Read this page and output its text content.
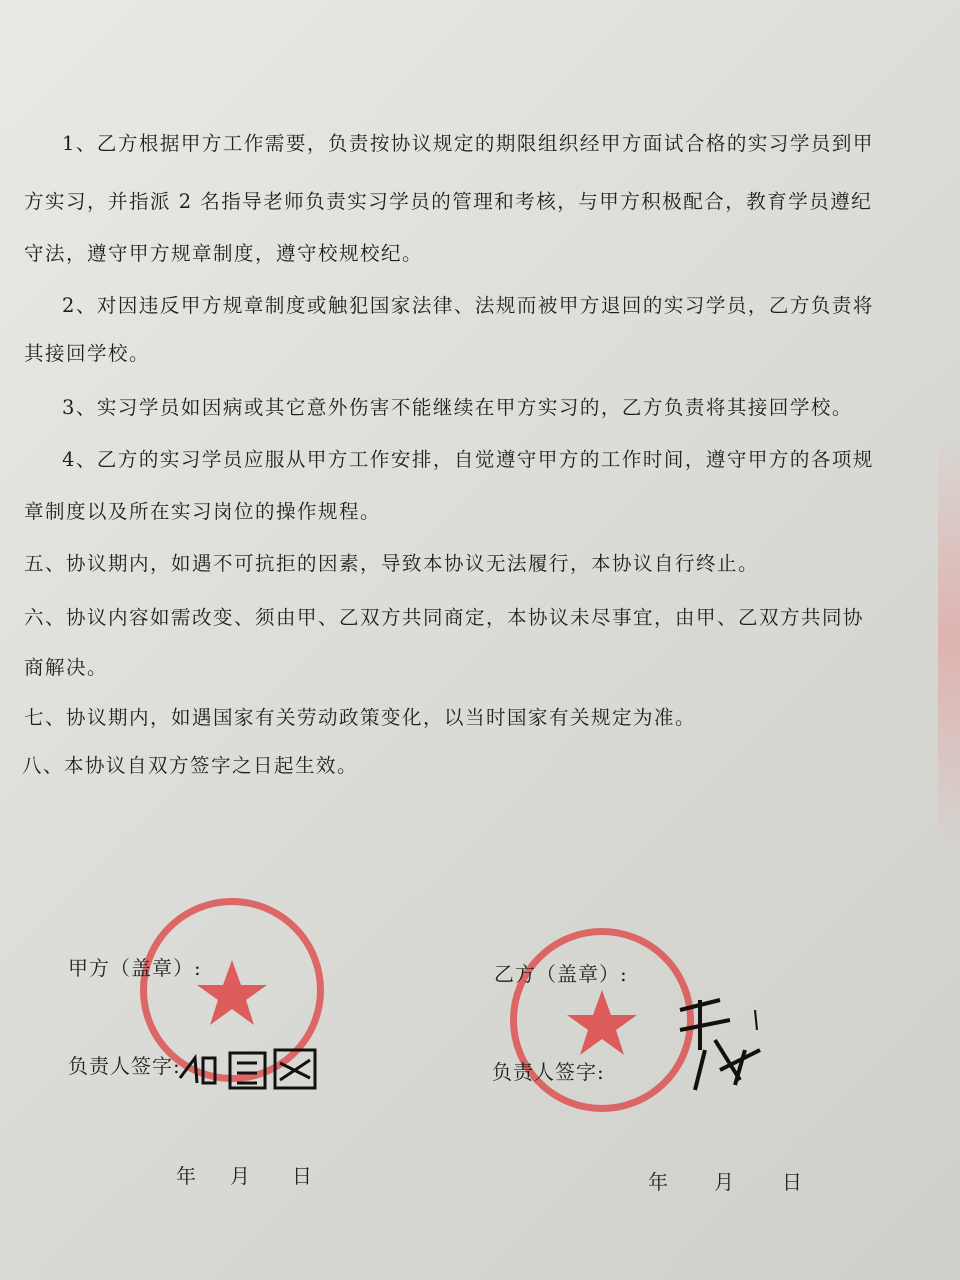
1、乙方根据甲方工作需要，负责按协议规定的期限组织经甲方面试合格的实习学员到甲
方实习，并指派 2 名指导老师负责实习学员的管理和考核，与甲方积极配合，教育学员遵纪
守法，遵守甲方规章制度，遵守校规校纪。
2、对因违反甲方规章制度或触犯国家法律、法规而被甲方退回的实习学员，乙方负责将
其接回学校。
3、实习学员如因病或其它意外伤害不能继续在甲方实习的，乙方负责将其接回学校。
4、乙方的实习学员应服从甲方工作安排，自觉遵守甲方的工作时间，遵守甲方的各项规
章制度以及所在实习岗位的操作规程。
五、协议期内，如遇不可抗拒的因素，导致本协议无法履行，本协议自行终止。
六、协议内容如需改变、须由甲、乙双方共同商定，本协议未尽事宜，由甲、乙双方共同协
商解决。
七、协议期内，如遇国家有关劳动政策变化，以当时国家有关规定为准。
八、本协议自双方签字之日起生效。
甲方（盖章）:
负责人签字:
年 月 日
乙方（盖章）:
负责人签字:
年 月 日
